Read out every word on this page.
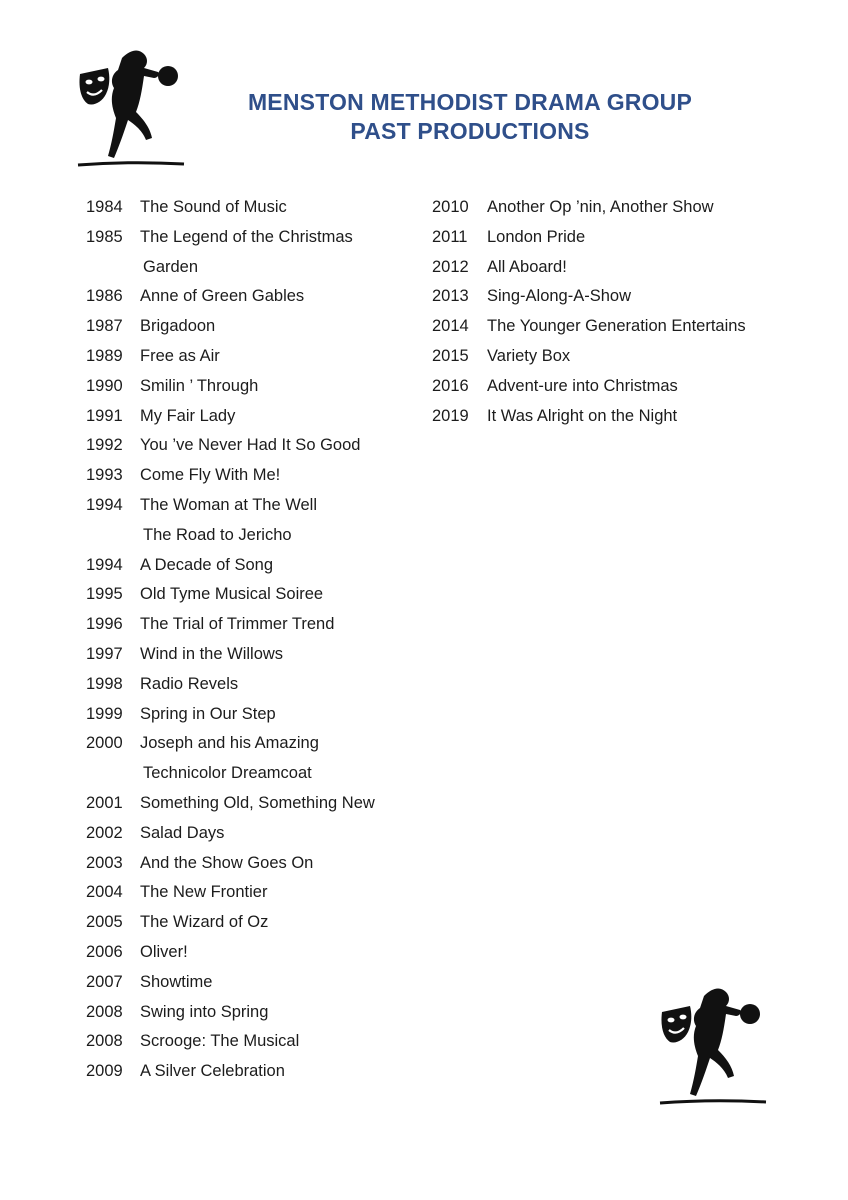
MENSTON METHODIST DRAMA GROUP
PAST PRODUCTIONS
1984	The Sound of Music
1985	The Legend of the Christmas
Garden
1986	Anne of Green Gables
1987	Brigadoon
1989	Free as Air
1990	Smilin ’ Through
1991	My Fair Lady
1992	You ’ve Never Had It So Good
1993	Come Fly With Me!
1994	The Woman at The Well
The Road to Jericho
1994	A Decade of Song
1995	Old Tyme Musical Soiree
1996	The Trial of Trimmer Trend
1997	Wind in the Willows
1998	Radio Revels
1999	Spring in Our Step
2000	Joseph and his Amazing
Technicolor Dreamcoat
2001	Something Old, Something New
2002	Salad Days
2003	And the Show Goes On
2004	The New Frontier
2005	The Wizard of Oz
2006	Oliver!
2007	Showtime
2008	Swing into Spring
2008	Scrooge: The Musical
2009	A Silver Celebration
2010	Another Op ’nin, Another Show
2011	London Pride
2012	All Aboard!
2013	Sing-Along-A-Show
2014	The Younger Generation Entertains
2015	Variety Box
2016	Advent-ure into Christmas
2019	It Was Alright on the Night
